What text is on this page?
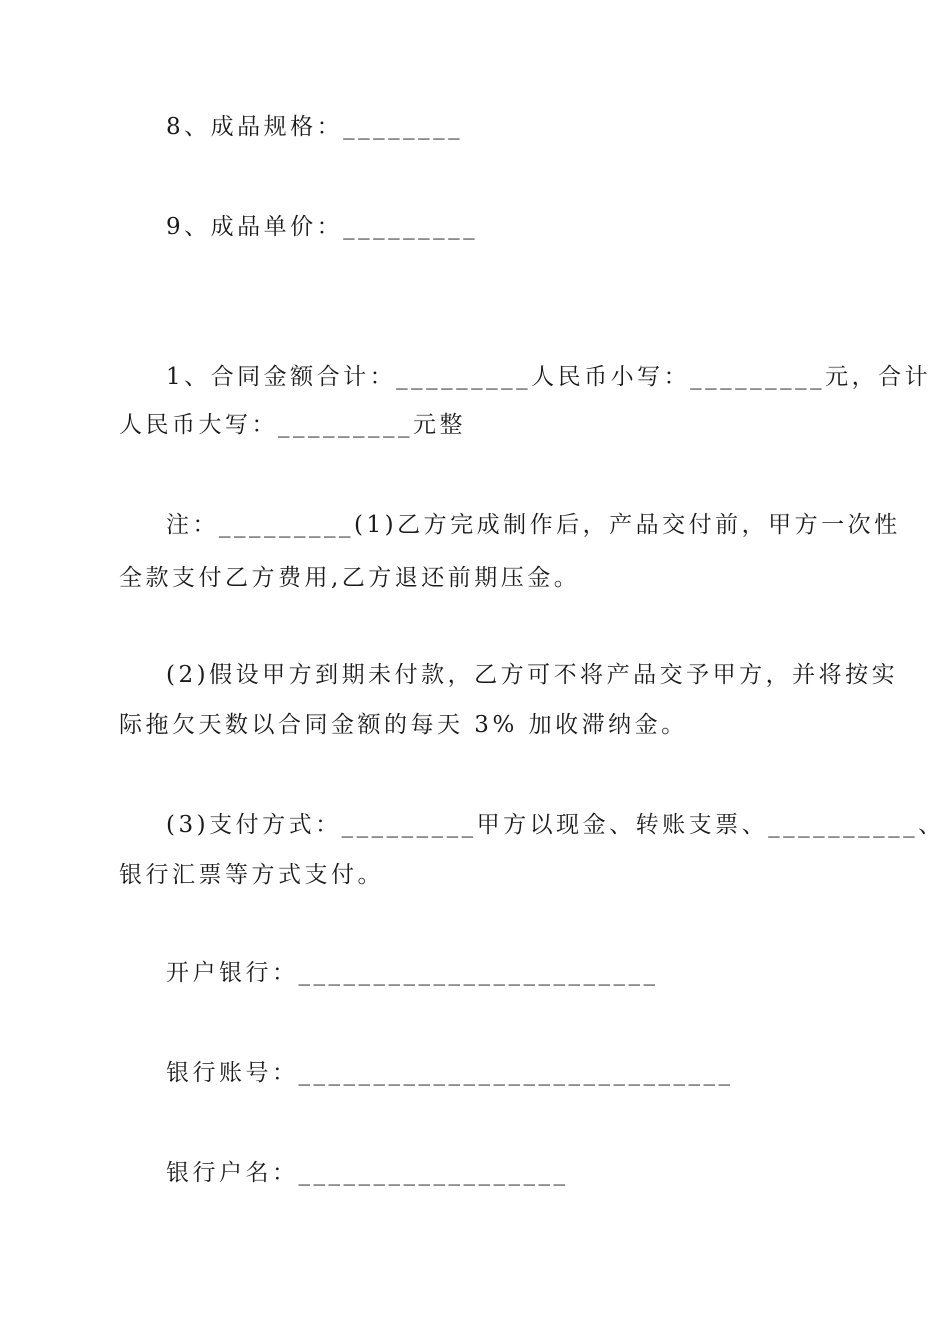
8、成品规格：________
9、成品单价：_________
1、合同金额合计：_________人民币小写：_________元，合计
人民币大写：_________元整
注：_________(1)乙方完成制作后，产品交付前，甲方一次性
全款支付乙方费用,乙方退还前期压金。
(2)假设甲方到期未付款，乙方可不将产品交予甲方，并将按实
际拖欠天数以合同金额的每天 3% 加收滞纳金。
(3)支付方式：_________甲方以现金、转账支票、__________、
银行汇票等方式支付。
开户银行：________________________
银行账号：_____________________________
银行户名：__________________
